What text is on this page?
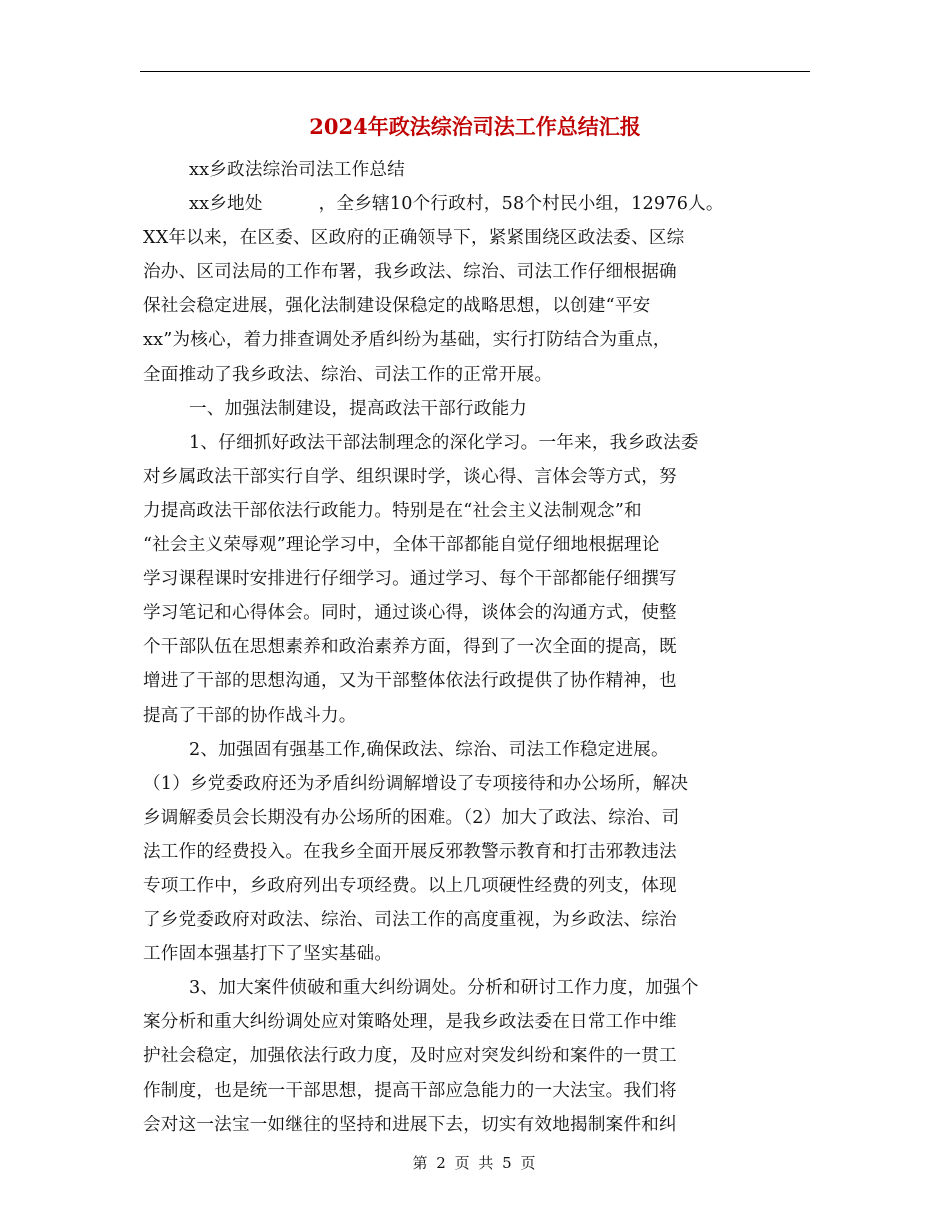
2024年政法综治司法工作总结汇报
xx乡政法综治司法工作总结
xx乡地处	，全乡辖10个行政村，58个村民小组，12976人。
XX年以来，在区委、区政府的正确领导下，紧紧围绕区政法委、区综
治办、区司法局的工作布署，我乡政法、综治、司法工作仔细根据确
保社会稳定进展，强化法制建设保稳定的战略思想，以创建“平安
xx”为核心，着力排查调处矛盾纠纷为基础，实行打防结合为重点，
全面推动了我乡政法、综治、司法工作的正常开展。
一、加强法制建设，提高政法干部行政能力
1、仔细抓好政法干部法制理念的深化学习。一年来，我乡政法委
对乡属政法干部实行自学、组织课时学，谈心得、言体会等方式，努
力提高政法干部依法行政能力。特别是在“社会主义法制观念”和
“社会主义荣辱观”理论学习中，全体干部都能自觉仔细地根据理论
学习课程课时安排进行仔细学习。通过学习、每个干部都能仔细撰写
学习笔记和心得体会。同时，通过谈心得，谈体会的沟通方式，使整
个干部队伍在思想素养和政治素养方面，得到了一次全面的提高，既
增进了干部的思想沟通，又为干部整体依法行政提供了协作精神，也
提高了干部的协作战斗力。
2、加强固有强基工作,确保政法、综治、司法工作稳定进展。
（1）乡党委政府还为矛盾纠纷调解增设了专项接待和办公场所，解决
乡调解委员会长期没有办公场所的困难。（2）加大了政法、综治、司
法工作的经费投入。在我乡全面开展反邪教警示教育和打击邪教违法
专项工作中，乡政府列出专项经费。以上几项硬性经费的列支，体现
了乡党委政府对政法、综治、司法工作的高度重视，为乡政法、综治
工作固本强基打下了坚实基础。
3、加大案件侦破和重大纠纷调处。分析和研讨工作力度，加强个
案分析和重大纠纷调处应对策略处理，是我乡政法委在日常工作中维
护社会稳定，加强依法行政力度，及时应对突发纠纷和案件的一贯工
作制度，也是统一干部思想，提高干部应急能力的一大法宝。我们将
会对这一法宝一如继往的坚持和进展下去，切实有效地揭制案件和纠
第 2 页 共 5 页
